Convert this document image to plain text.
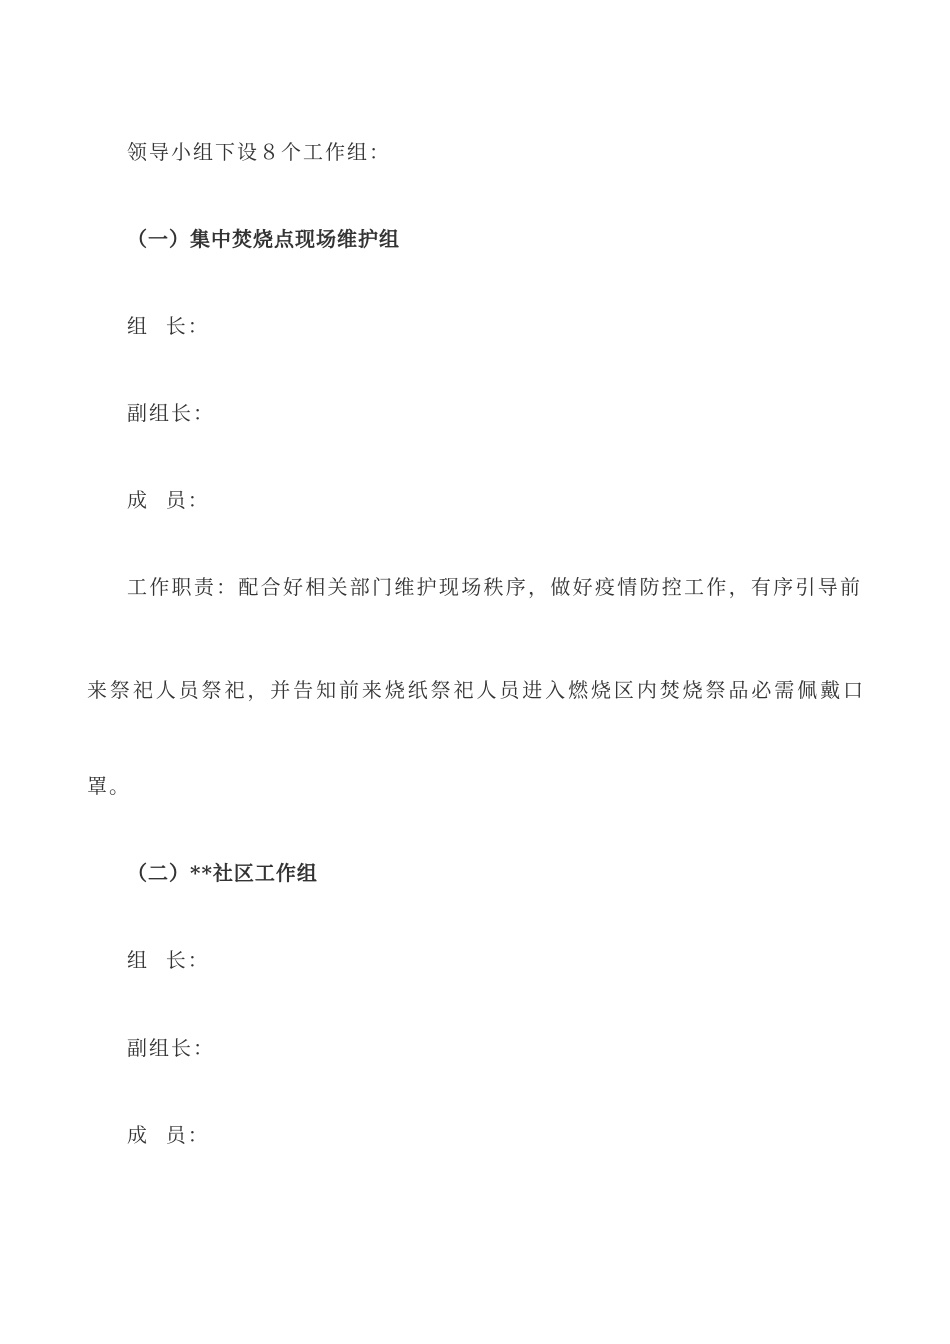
领导小组下设８个工作组：
（一）集中焚烧点现场维护组
组  长：
副组长：
成  员：
工作职责：配合好相关部门维护现场秩序，做好疫情防控工作，有序引导前
来祭祀人员祭祀，并告知前来烧纸祭祀人员进入燃烧区内焚烧祭品必需佩戴口
罩。
（二）**社区工作组
组  长：
副组长：
成  员：
